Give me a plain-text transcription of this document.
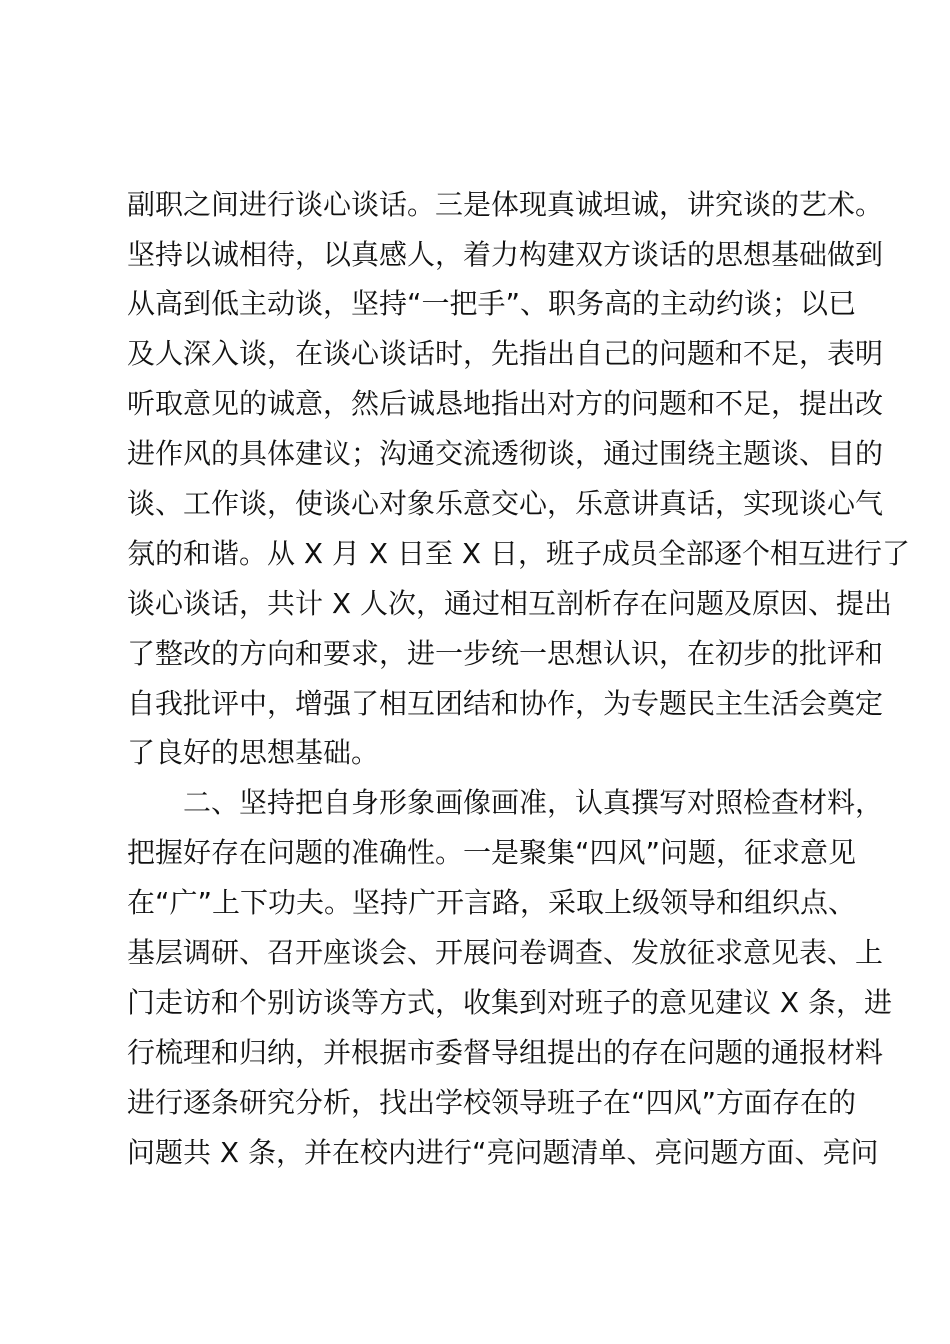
副职之间进行谈心谈话。三是体现真诚坦诚，讲究谈的艺术。
坚持以诚相待，以真感人，着力构建双方谈话的思想基础做到
从高到低主动谈，坚持“一把手”、职务高的主动约谈；以已
及人深入谈，在谈心谈话时，先指出自己的问题和不足，表明
听取意见的诚意，然后诚恳地指出对方的问题和不足，提出改
进作风的具体建议；沟通交流透彻谈，通过围绕主题谈、目的
谈、工作谈，使谈心对象乐意交心，乐意讲真话，实现谈心气
氛的和谐。从 X 月 X 日至 X 日，班子成员全部逐个相互进行了
谈心谈话，共计 X 人次，通过相互剖析存在问题及原因、提出
了整改的方向和要求，进一步统一思想认识，在初步的批评和
自我批评中，增强了相互团结和协作，为专题民主生活会奠定
了良好的思想基础。
二、坚持把自身形象画像画准，认真撰写对照检查材料，
把握好存在问题的准确性。一是聚集“四风”问题，征求意见
在“广”上下功夫。坚持广开言路，采取上级领导和组织点、
基层调研、召开座谈会、开展问卷调查、发放征求意见表、上
门走访和个别访谈等方式，收集到对班子的意见建议 X 条，进
行梳理和归纳，并根据市委督导组提出的存在问题的通报材料
进行逐条研究分析，找出学校领导班子在“四风”方面存在的
问题共 X 条，并在校内进行“亮问题清单、亮问题方面、亮问
